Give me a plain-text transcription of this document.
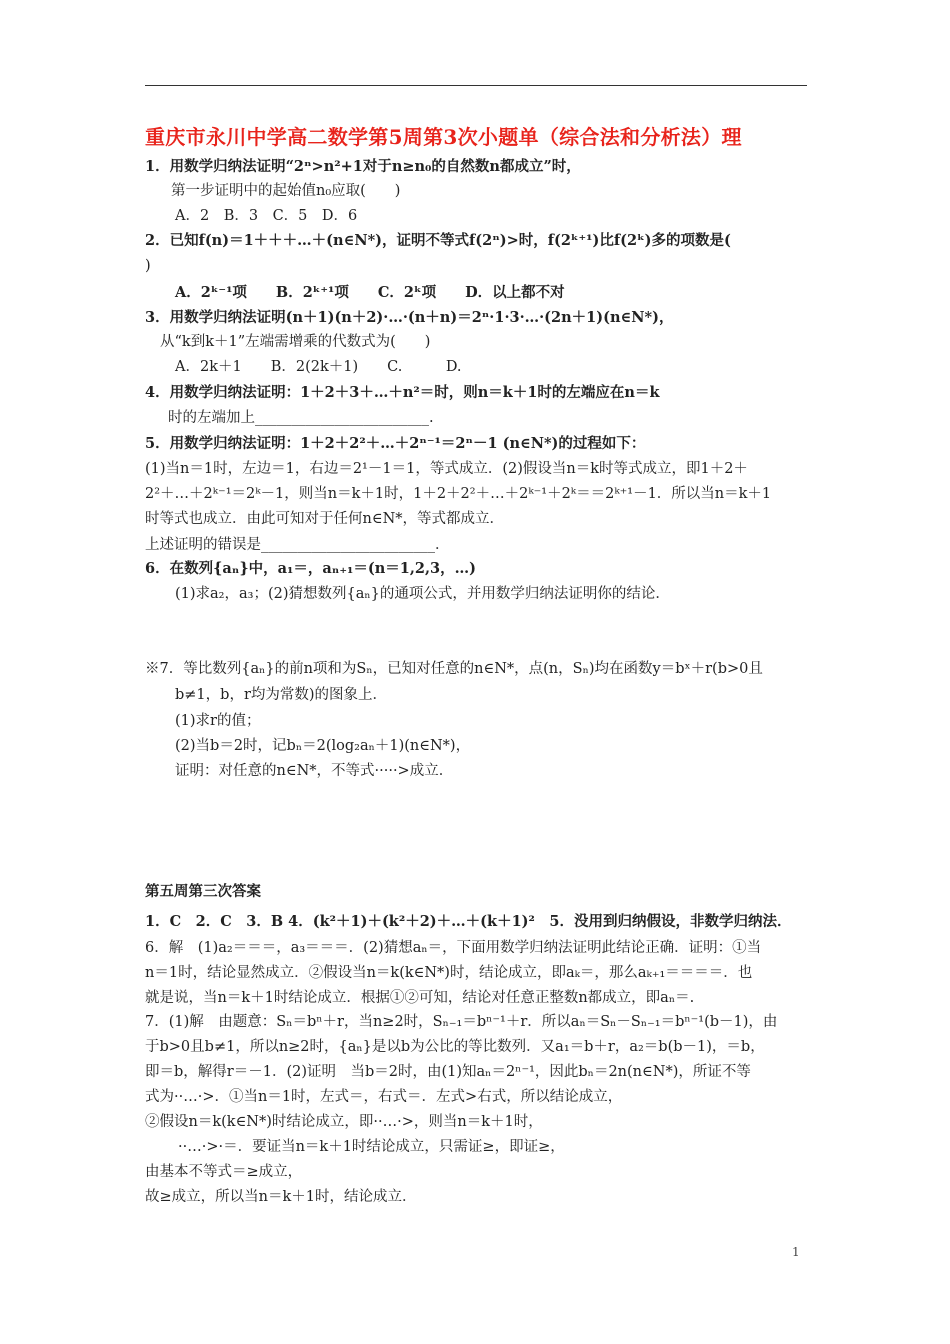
重庆市永川中学高二数学第5周第3次小题单（综合法和分析法）理
1．用数学归纳法证明“2ⁿ>n²+1对于n≥n₀的自然数n都成立”时，
第一步证明中的起始值n₀应取(　　)
A．2　B．3　C．5　D．6
2．已知f(n)＝1＋＋＋…＋(n∈N*)，证明不等式f(2ⁿ)>时，f(2ᵏ⁺¹)比f(2ᵏ)多的项数是(
)
A．2ᵏ⁻¹项　　B．2ᵏ⁺¹项　　C．2ᵏ项　　D．以上都不对
3．用数学归纳法证明(n＋1)(n＋2)·…·(n＋n)＝2ⁿ·1·3·…·(2n＋1)(n∈N*)，
从“k到k＋1”左端需增乘的代数式为(　　)
A．2k＋1　　B．2(2k＋1)　　C.　　　D.
4．用数学归纳法证明：1＋2＋3＋…＋n²＝时，则n＝k＋1时的左端应在n＝k
时的左端加上________________________.
5．用数学归纳法证明：1＋2＋2²＋…＋2ⁿ⁻¹＝2ⁿ－1 (n∈N*)的过程如下：
(1)当n＝1时，左边＝1，右边＝2¹－1＝1，等式成立．(2)假设当n＝k时等式成立，即1＋2＋
2²＋…＋2ᵏ⁻¹＝2ᵏ－1，则当n＝k＋1时，1＋2＋2²＋…＋2ᵏ⁻¹＋2ᵏ＝＝2ᵏ⁺¹－1．所以当n＝k＋1
时等式也成立．由此可知对于任何n∈N*，等式都成立．
上述证明的错误是________________________．
6．在数列{aₙ}中，a₁＝，aₙ₊₁＝(n＝1,2,3，…)
(1)求a₂，a₃；(2)猜想数列{aₙ}的通项公式，并用数学归纳法证明你的结论．
※7．等比数列{aₙ}的前n项和为Sₙ，已知对任意的n∈N*，点(n，Sₙ)均在函数y＝bˣ＋r(b>0且
b≠1，b，r均为常数)的图象上．
(1)求r的值；
(2)当b＝2时，记bₙ＝2(log₂aₙ＋1)(n∈N*)，
证明：对任意的n∈N*，不等式·····>成立．
第五周第三次答案
1．C　2．C　3．B 4．(k²＋1)＋(k²＋2)＋…＋(k＋1)²　5．没用到归纳假设，非数学归纳法．
6．解　(1)a₂＝＝＝，a₃＝＝＝．(2)猜想aₙ＝，下面用数学归纳法证明此结论正确．证明：①当
n＝1时，结论显然成立．②假设当n＝k(k∈N*)时，结论成立，即aₖ＝，那么aₖ₊₁＝＝＝＝．也
就是说，当n＝k＋1时结论成立．根据①②可知，结论对任意正整数n都成立，即aₙ＝.
7．(1)解　由题意：Sₙ＝bⁿ＋r，当n≥2时，Sₙ₋₁＝bⁿ⁻¹＋r．所以aₙ＝Sₙ－Sₙ₋₁＝bⁿ⁻¹(b－1)，由
于b>0且b≠1，所以n≥2时，{aₙ}是以b为公比的等比数列．又a₁＝b＋r，a₂＝b(b－1)，＝b，
即＝b，解得r＝－1．(2)证明　当b＝2时，由(1)知aₙ＝2ⁿ⁻¹，因此bₙ＝2n(n∈N*)，所证不等
式为··…·>．①当n＝1时，左式＝，右式＝．左式>右式，所以结论成立，
②假设n＝k(k∈N*)时结论成立，即··…·>，则当n＝k＋1时，
··…·>·＝．要证当n＝k＋1时结论成立，只需证≥，即证≥，
由基本不等式＝≥成立，
故≥成立，所以当n＝k＋1时，结论成立．
1
